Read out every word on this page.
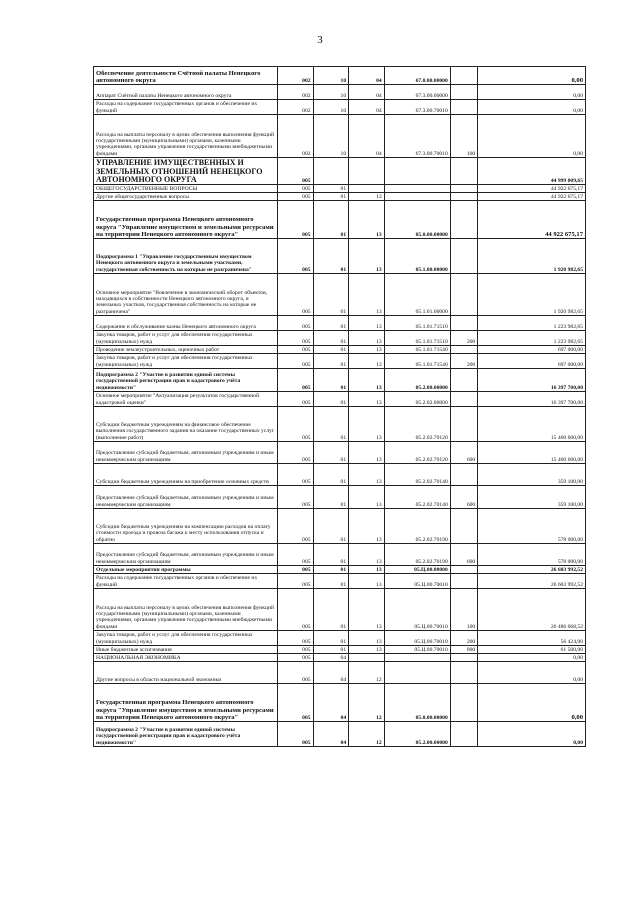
3
Обеспечение деятельности Счётной палаты Ненецкого автономного округа	002	10	04	67.0.00.00000		0,00
Аппарат Счётной палаты Ненецкого автономного округа	002	10	04	67.3.00.00000		0,00
Расходы на содержание государственных органов и обеспечение их функций	002	10	04	67.3.00.70010		0,00
Расходы на выплаты персоналу в целях обеспечения выполнения функций государственными (муниципальными) органами, казенными учреждениями, органами управления государственными внебюджетными фондами	002	10	04	67.3.00.70010	100	0,00
УПРАВЛЕНИЕ ИМУЩЕСТВЕННЫХ И ЗЕМЕЛЬНЫХ ОТНОШЕНИЙ НЕНЕЦКОГО АВТОНОМНОГО ОКРУГА	005					44 999 009,65
ОБЩЕГОСУДАРСТВЕННЫЕ ВОПРОСЫ	005	01				44 922 675,17
Другие общегосударственные вопросы	005	01	13			44 922 675,17
Государственная программа Ненецкого автономного округа "Управление имуществом и земельными ресурсами на территории Ненецкого автономного округа"	005	01	13	05.0.00.00000		44 922 675,17
Подпрограмма 1 "Управление государственным имуществом Ненецкого автономного округа и земельными участками, государственная собственность на которые не разграничена"	005	01	13	05.1.00.00000		1 920 982,65
Основное мероприятие "Вовлечение в экономический оборот объектов, находящихся в собственности Ненецкого автономного округа, и земельных участков, государственная собственность на которые не разграничена"	005	01	13	05.1.01.00000		1 920 982,65
Содержание и обслуживание казны Ненецкого автономного округа	005	01	13	05.1.01.71510		1 223 982,65
Закупка товаров, работ и услуг для обеспечения государственных (муниципальных) нужд	005	01	13	05.1.01.71510	200	1 223 982,65
Проведение землеустроительных, оценочных работ	005	01	13	05.1.01.71540		697 000,00
Закупка товаров, работ и услуг для обеспечения государственных (муниципальных) нужд	005	01	13	05.1.01.71540	200	697 000,00
Подпрограмма 2 "Участие в развитии единой системы государственной регистрации прав и кадастрового учёта недвижимости"	005	01	13	05.2.00.00000		16 397 700,00
Основное мероприятие "Актуализация результатов государственной кадастровой оценки"	005	01	13	05.2.02.00000		16 397 700,00
Субсидии бюджетным учреждениям на финансовое обеспечение выполнения государственного задания на оказание государственных услуг (выполнение работ)	005	01	13	05.2.02.70120		15 460 600,00
Предоставление субсидий бюджетным, автономным учреждениям и иным некоммерческим организациям	005	01	13	05.2.02.70120	600	15 460 600,00
Субсидии бюджетным учреждениям на приобретение основных средств	005	01	13	05.2.02.70140		359 100,00
Предоставление субсидий бюджетным, автономным учреждениям и иным некоммерческим организациям	005	01	13	05.2.02.70140	600	359 100,00
Субсидии бюджетным учреждениям на компенсацию расходов на оплату стоимости проезда и провоза багажа к месту использования отпуска и обратно	005	01	13	05.2.02.70190		578 000,00
Предоставление субсидий бюджетным, автономным учреждениям и иным некоммерческим организациям	005	01	13	05.2.02.70190	600	578 000,00
Отдельные мероприятия программы	005	01	13	05.Ц.00.00000		26 603 992,52
Расходы на содержание государственных органов и обеспечение их функций	005	01	13	05.Ц.00.70010		26 603 992,52
Расходы на выплаты персоналу в целях обеспечения выполнения функций государственными (муниципальными) органами, казенными учреждениями, органами управления государственными внебюджетными фондами	005	01	13	05.Ц.00.70010	100	26 486 068,52
Закупка товаров, работ и услуг для обеспечения государственных (муниципальных) нужд	005	01	13	05.Ц.00.70010	200	56 424,00
Иные бюджетные ассигнования	005	01	13	05.Ц.00.70010	800	61 500,00
НАЦИОНАЛЬНАЯ ЭКОНОМИКА	005	04				0,00
Другие вопросы в области национальной экономики	005	04	12			0,00
Государственная программа Ненецкого автономного округа "Управление имуществом и земельными ресурсами на территории Ненецкого автономного округа"	005	04	12	05.0.00.00000		0,00
Подпрограмма 2 "Участие в развитии единой системы государственной регистрации прав и кадастрового учёта недвижимости"	005	04	12	05.2.00.00000		0,00
